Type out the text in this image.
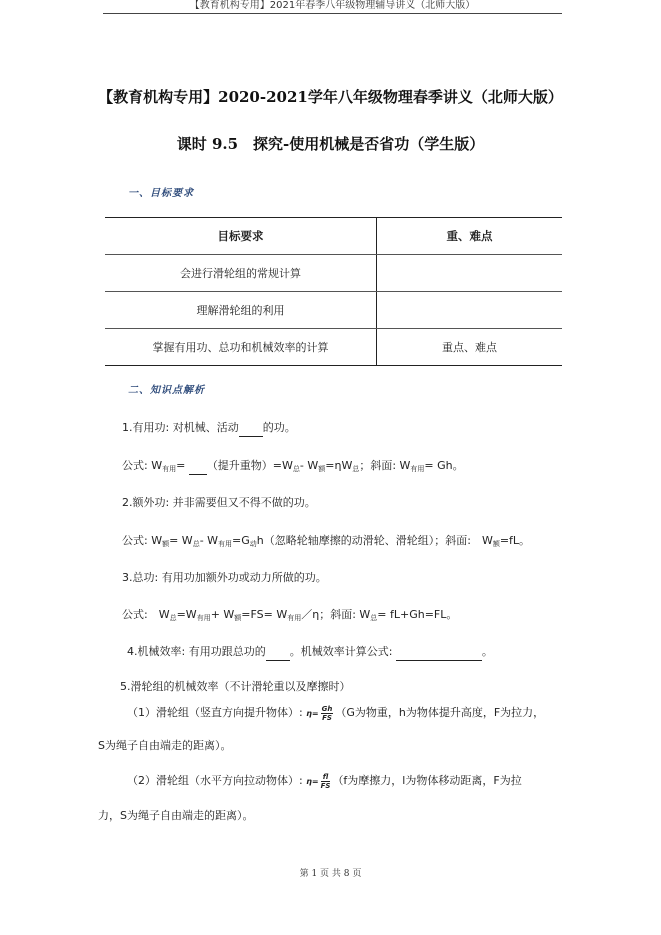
【教育机构专用】2021年春季八年级物理辅导讲义（北师大版）
【教育机构专用】2020-2021学年八年级物理春季讲义（北师大版）
课时 9.5　探究-使用机械是否省功（学生版）
一、目标要求
目标要求	重、难点
会进行滑轮组的常规计算	
理解滑轮组的利用	
掌握有用功、总功和机械效率的计算	重点、难点
二、知识点解析
1.有用功: 对机械、活动 的功。
公式: $W_{有用}=$  （提升重物）$=W_总-$ $W_额=\eta W_总$；斜面: $W_{有用}= Gh$。
2.额外功: 并非需要但又不得不做的功。
公式: $W_额= W_总-$ $W_{有用}=G_动h$（忽略轮轴摩擦的动滑轮、滑轮组）；斜面:　$W_额=fL$。
3.总功: 有用功加额外功或动力所做的功。
公式:　$W_总=W_{有用}+ W_额=FS=$ $W_{有用}/\eta$；斜面: $W_总= fL+Gh=FL$。
4.机械效率: 有用功跟总功的 。机械效率计算公式:	。
5.滑轮组的机械效率（不计滑轮重以及摩擦时）
（1）滑轮组（竖直方向提升物体）: $\eta= \frac{Gh}{FS} (G$为物重，h为物体提升高度，F为拉力，
S为绳子自由端走的距离）。
（2）滑轮组（水平方向拉动物体）: $\eta= \frac{fl}{FS} (f$为摩擦力，l为物体移动距离，F为拉
力，S为绳子自由端走的距离）。
第 1 页 共 8 页
